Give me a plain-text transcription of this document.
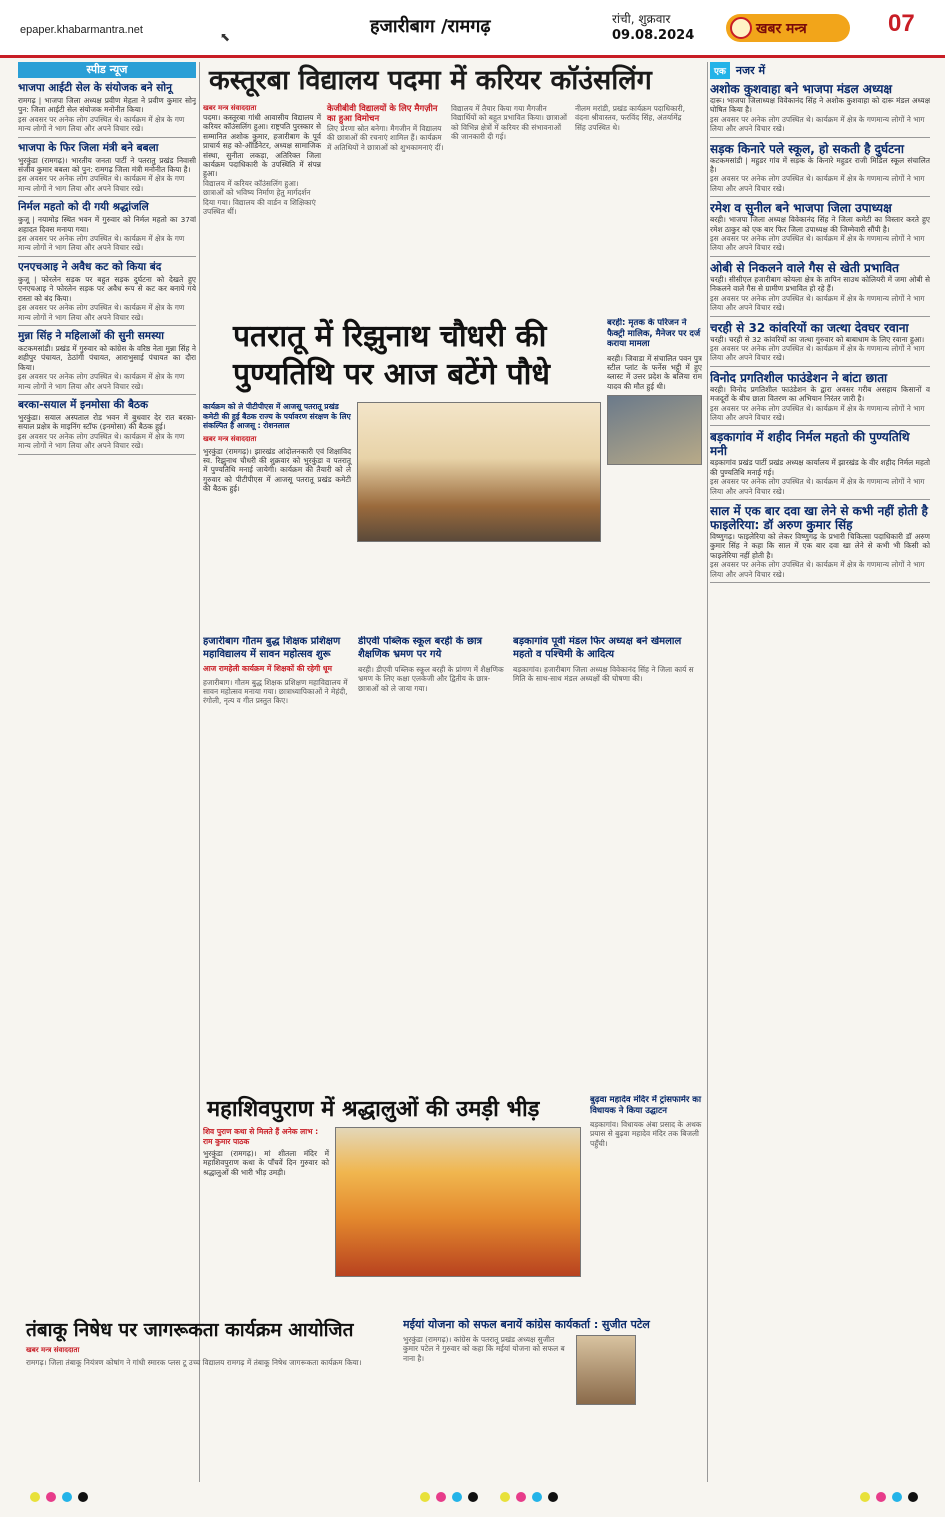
epaper.khabarmantra.net	⬉	हजारीबाग /रामगढ़	रांची, शुक्रवार
09.08.2024	खबर मन्त्र	07
स्पीड न्यूज
भाजपा आईटी सेल के संयोजक बने सोनू
रामगढ़ | भाजपा जिला अध्यक्ष प्रवीण मेहता ने प्रवीण कुमार सोनू पुन: जिला आईटी सेल संयोजक मनोनीत किया।
इस अवसर पर अनेक लोग उपस्थित थे। कार्यक्रम में क्षेत्र के गणमान्य लोगों ने भाग लिया और अपने विचार रखे।
भाजपा के फिर जिला मंत्री बने बबला
भुरकुंडा (रामगढ़)। भारतीय जनता पार्टी ने पतरातु प्रखंड निवासी संजीव कुमार बबला को पुन: रामगढ़ जिला मंत्री मनोनीत किया है।
इस अवसर पर अनेक लोग उपस्थित थे। कार्यक्रम में क्षेत्र के गणमान्य लोगों ने भाग लिया और अपने विचार रखे।
निर्मल महतो को दी गयी श्रद्धांजलि
कुजू | नयामोड़ स्थित भवन में गुरुवार को निर्मल महतो का 37वां शहादत दिवस मनाया गया।
इस अवसर पर अनेक लोग उपस्थित थे। कार्यक्रम में क्षेत्र के गणमान्य लोगों ने भाग लिया और अपने विचार रखे।
एनएचआइ ने अवैध कट को किया बंद
कुजू | फोरलेन सड़क पर बहुत सड़क दुर्घटना को देखते हुए एनएचआइ ने फोरलेन सड़क पर अवैध रूप से कट कर बनाये गये रास्ता को बंद किया।
इस अवसर पर अनेक लोग उपस्थित थे। कार्यक्रम में क्षेत्र के गणमान्य लोगों ने भाग लिया और अपने विचार रखे।
मुन्ना सिंह ने महिलाओं की सुनी समस्या
कटकमसांडी। प्रखंड में गुरुवार को कांग्रेस के वरिष्ठ नेता मुन्ना सिंह ने शहीपुर पंचायत, ठेठांगी पंचायत, आराभुसाई पंचायत का दौरा किया।
इस अवसर पर अनेक लोग उपस्थित थे। कार्यक्रम में क्षेत्र के गणमान्य लोगों ने भाग लिया और अपने विचार रखे।
बरका-सयाल में इनमोसा की बैठक
भुरकुंडा। सयाल अस्पताल रोड भवन में बुधवार देर रात बरका-सयाल प्रक्षेत्र के माइनिंग स्टॉफ (इनमोसा) की बैठक हुई।
इस अवसर पर अनेक लोग उपस्थित थे। कार्यक्रम में क्षेत्र के गणमान्य लोगों ने भाग लिया और अपने विचार रखे।
कस्तूरबा विद्यालय पदमा में करियर कॉउंसलिंग
खबर मन्त्र संवाददाता
पदमा। कस्तूरबा गांधी आवासीय विद्यालय में करियर कॉउंसलिंग हुआ। राष्ट्रपति पुरस्कार से सम्मानित अशोक कुमार, हजारीबाग के पूर्व प्राचार्य सह को-ऑर्डिनेटर, अध्यक्ष सामाजिक संस्था, सुनीता लकड़ा, अतिरिक्त जिला कार्यक्रम पदाधिकारी के उपस्थिति में संपन्न हुआ।
विद्यालय में करियर कॉउंसलिंग हुआ। छात्राओं को भविष्य निर्माण हेतु मार्गदर्शन दिया गया। विद्यालय की वार्डन व शिक्षिकाएं उपस्थित थीं।
केजीबीवी विद्यालयों के लिए मैगज़ीन का हुआ विमोचन
लिए प्रेरणा स्रोत बनेगा। मैगजीन में विद्यालय की छात्राओं की रचनाएं शामिल हैं। कार्यक्रम में अतिथियों ने छात्राओं को शुभकामनाएं दीं।
विद्यालय में तैयार किया गया मैगजीन विद्यार्थियों को बहुत प्रभावित किया। छात्राओं को विभिन्न क्षेत्रों में करियर की संभावनाओं की जानकारी दी गई।
नीलम मरांडी, प्रखंड कार्यक्रम पदाधिकारी, वंदना श्रीवास्तव, फरविंद सिंह, अंतर्यामेंद्र सिंह उपस्थित थे।
पतरातू में रिझुनाथ चौधरी की
पुण्यतिथि पर आज बटेंगे पौधे
कार्यक्रम को ले पीटीपीएस में आजसू पतरातू प्रखंड कमेटी की हुई बैठक राज्य के पर्यावरण संरक्षण के लिए संकल्पित है आजसू : रोशनलाल
खबर मन्त्र संवाददाता
भुरकुंडा (रामगढ़)। झारखंड आंदोलनकारी एवं शिक्षाविद स्व. रिझुनाथ चौधरी की शुक्रवार को भुरकुंडा व पतरातू में पुण्यतिथि मनाई जायेगी। कार्यक्रम की तैयारी को ले गुरुवार को पीटीपीएस में आजसू पतरातू प्रखंड कमेटी की बैठक हुई।
बरही: मृतक के परिजन ने फैक्ट्री मालिक, मैनेजर पर दर्ज कराया मामला
बरही। जिवाडा में संचालित पवन पुत्र स्टील प्लांट के फर्नेस भट्ठी में हुए ब्लास्ट में उत्तर प्रदेश के बलिया राम यादव की मौत हुई थी।
हजारीबाग गौतम बुद्ध शिक्षक प्रशिक्षण महाविद्यालय में सावन महोत्सव शुरू
आज रामहेली कार्यक्रम में शिक्षकों की रहेगी धूम
हजारीबाग। गौतम बुद्ध शिक्षक प्रशिक्षण महाविद्यालय में सावन महोत्सव मनाया गया। छात्राध्यापिकाओं ने मेहंदी, रंगोली, नृत्य व गीत प्रस्तुत किए।
डीएवी पब्लिक स्कूल बरही के छात्र शैक्षणिक भ्रमण पर गये
बरही। डीएवी पब्लिक स्कूल बरही के प्रांगण में शैक्षणिक भ्रमण के लिए कक्षा एलकेजी और द्वितीय के छात्र-छात्राओं को ले जाया गया।
बड़कागांव पूर्वी मंडल फिर अध्यक्ष बने खेमलाल महतो व पश्चिमी के आदित्य
बड़कागांव। हजारीबाग जिला अध्यक्ष विवेकानंद सिंह ने जिला कार्य समिति के साथ-साथ मंडल अध्यक्षों की घोषणा की।
महाशिवपुराण में श्रद्धालुओं की उमड़ी भीड़
शिव पुराण कथा से मिलते हैं अनेक लाभ : राम कुमार पाठक
भुरकुंडा (रामगढ़)। मां शीतला मंदिर में महाशिवपुराण कथा के पाँचवें दिन गुरुवार को श्रद्धालुओं की भारी भीड़ उमड़ी।
बुढ़वा महादेव मंदिर में ट्रांसफार्मर का विधायक ने किया उद्घाटन
बड़कागांव। विधायक अंबा प्रसाद के अथक प्रयास से बुढ़वा महादेव मंदिर तक बिजली पहुँची।
तंबाकू निषेध पर जागरूकता कार्यक्रम आयोजित
खबर मन्त्र संवाददाता
रामगढ़। जिला तंबाकू नियंत्रण कोषांग ने गांधी स्मारक प्लस टू उच्च विद्यालय रामगढ़ में तंबाकू निषेध जागरूकता कार्यक्रम किया।
मईयां योजना को सफल बनायें कांग्रेस कार्यकर्ता : सुजीत पटेल
भुरकुंडा (रामगढ़)। कांग्रेस के पतरातू प्रखंड अध्यक्ष सुजीत कुमार पटेल ने गुरुवार को कहा कि मईयां योजना को सफल बनाना है।
एक नजर में
अशोक कुशवाहा बने भाजपा मंडल अध्यक्ष
दारू। भाजपा जिलाध्यक्ष विवेकानंद सिंह ने अशोक कुशवाहा को दारू मंडल अध्यक्ष घोषित किया है।
इस अवसर पर अनेक लोग उपस्थित थे। कार्यक्रम में क्षेत्र के गणमान्य लोगों ने भाग लिया और अपने विचार रखे।
सड़क किनारे पले स्कूल, हो सकती है दुर्घटना
कटकमसांडी | महुडर गांव में सड़क के किनारे महुडर राजी मिडिल स्कूल संचालित है।
इस अवसर पर अनेक लोग उपस्थित थे। कार्यक्रम में क्षेत्र के गणमान्य लोगों ने भाग लिया और अपने विचार रखे।
रमेश व सुनील बने भाजपा जिला उपाध्यक्ष
बरही। भाजपा जिला अध्यक्ष विवेकानंद सिंह ने जिला कमेटी का विस्तार करते हुए रमेश ठाकुर को एक बार फिर जिला उपाध्यक्ष की जिम्मेवारी सौंपी है।
इस अवसर पर अनेक लोग उपस्थित थे। कार्यक्रम में क्षेत्र के गणमान्य लोगों ने भाग लिया और अपने विचार रखे।
ओबी से निकलने वाले गैस से खेती प्रभावित
चरही। सीसीएल हजारीबाग कोयला क्षेत्र के तापिन साउथ कोलियरी में जमा ओबी से निकलने वाले गैस से ग्रामीण प्रभावित हो रहे हैं।
इस अवसर पर अनेक लोग उपस्थित थे। कार्यक्रम में क्षेत्र के गणमान्य लोगों ने भाग लिया और अपने विचार रखे।
चरही से 32 कांवरियों का जत्था देवघर रवाना
चरही। चरही से 32 कांवरियों का जत्था गुरुवार को बाबाधाम के लिए रवाना हुआ।
इस अवसर पर अनेक लोग उपस्थित थे। कार्यक्रम में क्षेत्र के गणमान्य लोगों ने भाग लिया और अपने विचार रखे।
विनोद प्रगतिशील फाउंडेशन ने बांटा छाता
बरही। विनोद प्रगतिशील फाउंडेशन के द्वारा अवसर गरीब असहाय किसानों व मजदूरों के बीच छाता वितरण का अभियान निरंतर जारी है।
इस अवसर पर अनेक लोग उपस्थित थे। कार्यक्रम में क्षेत्र के गणमान्य लोगों ने भाग लिया और अपने विचार रखे।
बड़कागांव में शहीद निर्मल महतो की पुण्यतिथि मनी
बड़कागांव प्रखंड पार्टी प्रखंड अध्यक्ष कार्यालय में झारखंड के वीर शहीद निर्मल महतो की पुण्यतिथि मनाई गई।
इस अवसर पर अनेक लोग उपस्थित थे। कार्यक्रम में क्षेत्र के गणमान्य लोगों ने भाग लिया और अपने विचार रखे।
साल में एक बार दवा खा लेने से कभी नहीं होती है फाइलेरिया: डॉ अरुण कुमार सिंह
विष्णुगढ़। फाइलेरिया को लेकर विष्णुगढ़ के प्रभारी चिकित्सा पदाधिकारी डॉ अरुण कुमार सिंह ने कहा कि साल में एक बार दवा खा लेने से कभी भी किसी को फाइलेरिया नहीं होती है।
इस अवसर पर अनेक लोग उपस्थित थे। कार्यक्रम में क्षेत्र के गणमान्य लोगों ने भाग लिया और अपने विचार रखे।
